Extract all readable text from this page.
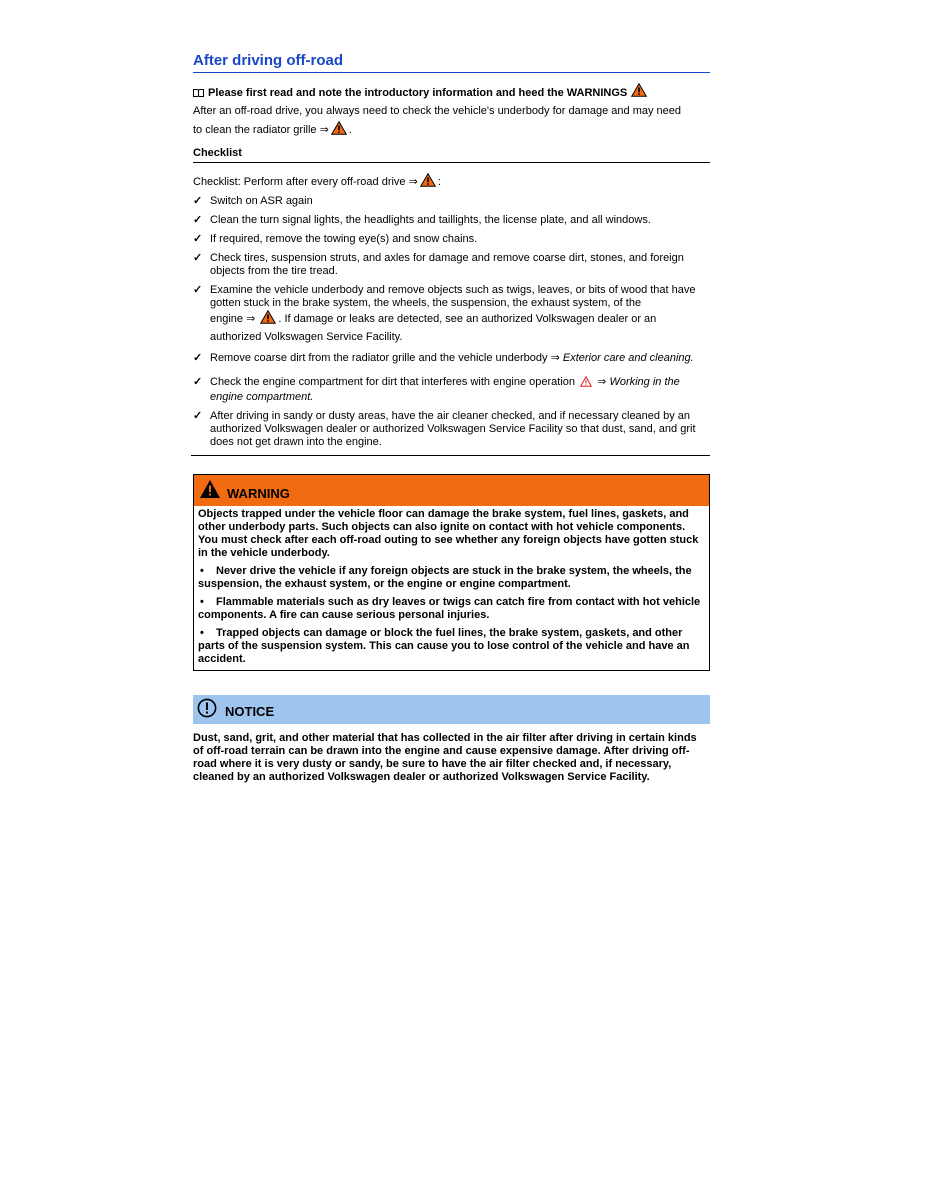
After driving off-road
Please first read and note the introductory information and heed the WARNINGS

After an off-road drive, you always need to check the vehicle's underbody for damage and may need

to clean the radiator grille ⇒ .

Checklist

Checklist: Perform after every off-road drive ⇒ :

✓ Switch on ASR again
✓ Clean the turn signal lights, the headlights and taillights, the license plate, and all windows.
✓ If required, remove the towing eye(s) and snow chains.
✓ Check tires, suspension struts, and axles for damage and remove coarse dirt, stones, and foreign objects from the tire tread.
✓ Examine the vehicle underbody and remove objects such as twigs, leaves, or bits of wood that have gotten stuck in the brake system, the wheels, the suspension, the exhaust system, of the
engine ⇒ . If damage or leaks are detected, see an authorized Volkswagen dealer or an authorized Volkswagen Service Facility.
✓ Remove coarse dirt from the radiator grille and the vehicle underbody ⇒ Exterior care and cleaning.
✓ Check the engine compartment for dirt that interferes with engine operation ⇒ Working in the engine compartment.
✓ After driving in sandy or dusty areas, have the air cleaner checked, and if necessary cleaned by an authorized Volkswagen dealer or authorized Volkswagen Service Facility so that dust, sand, and grit does not get drawn into the engine.
WARNING

Objects trapped under the vehicle floor can damage the brake system, fuel lines, gaskets, and other underbody parts. Such objects can also ignite on contact with hot vehicle components. You must check after each off-road outing to see whether any foreign objects have gotten stuck in the vehicle underbody.

• Never drive the vehicle if any foreign objects are stuck in the brake system, the wheels, the suspension, the exhaust system, or the engine or engine compartment.

• Flammable materials such as dry leaves or twigs can catch fire from contact with hot vehicle components. A fire can cause serious personal injuries.

• Trapped objects can damage or block the fuel lines, the brake system, gaskets, and other parts of the suspension system. This can cause you to lose control of the vehicle and have an accident.

NOTICE

Dust, sand, grit, and other material that has collected in the air filter after driving in certain kinds of off-road terrain can be drawn into the engine and cause expensive damage. After driving off-road where it is very dusty or sandy, be sure to have the air filter checked and, if necessary, cleaned by an authorized Volkswagen dealer or authorized Volkswagen Service Facility.
